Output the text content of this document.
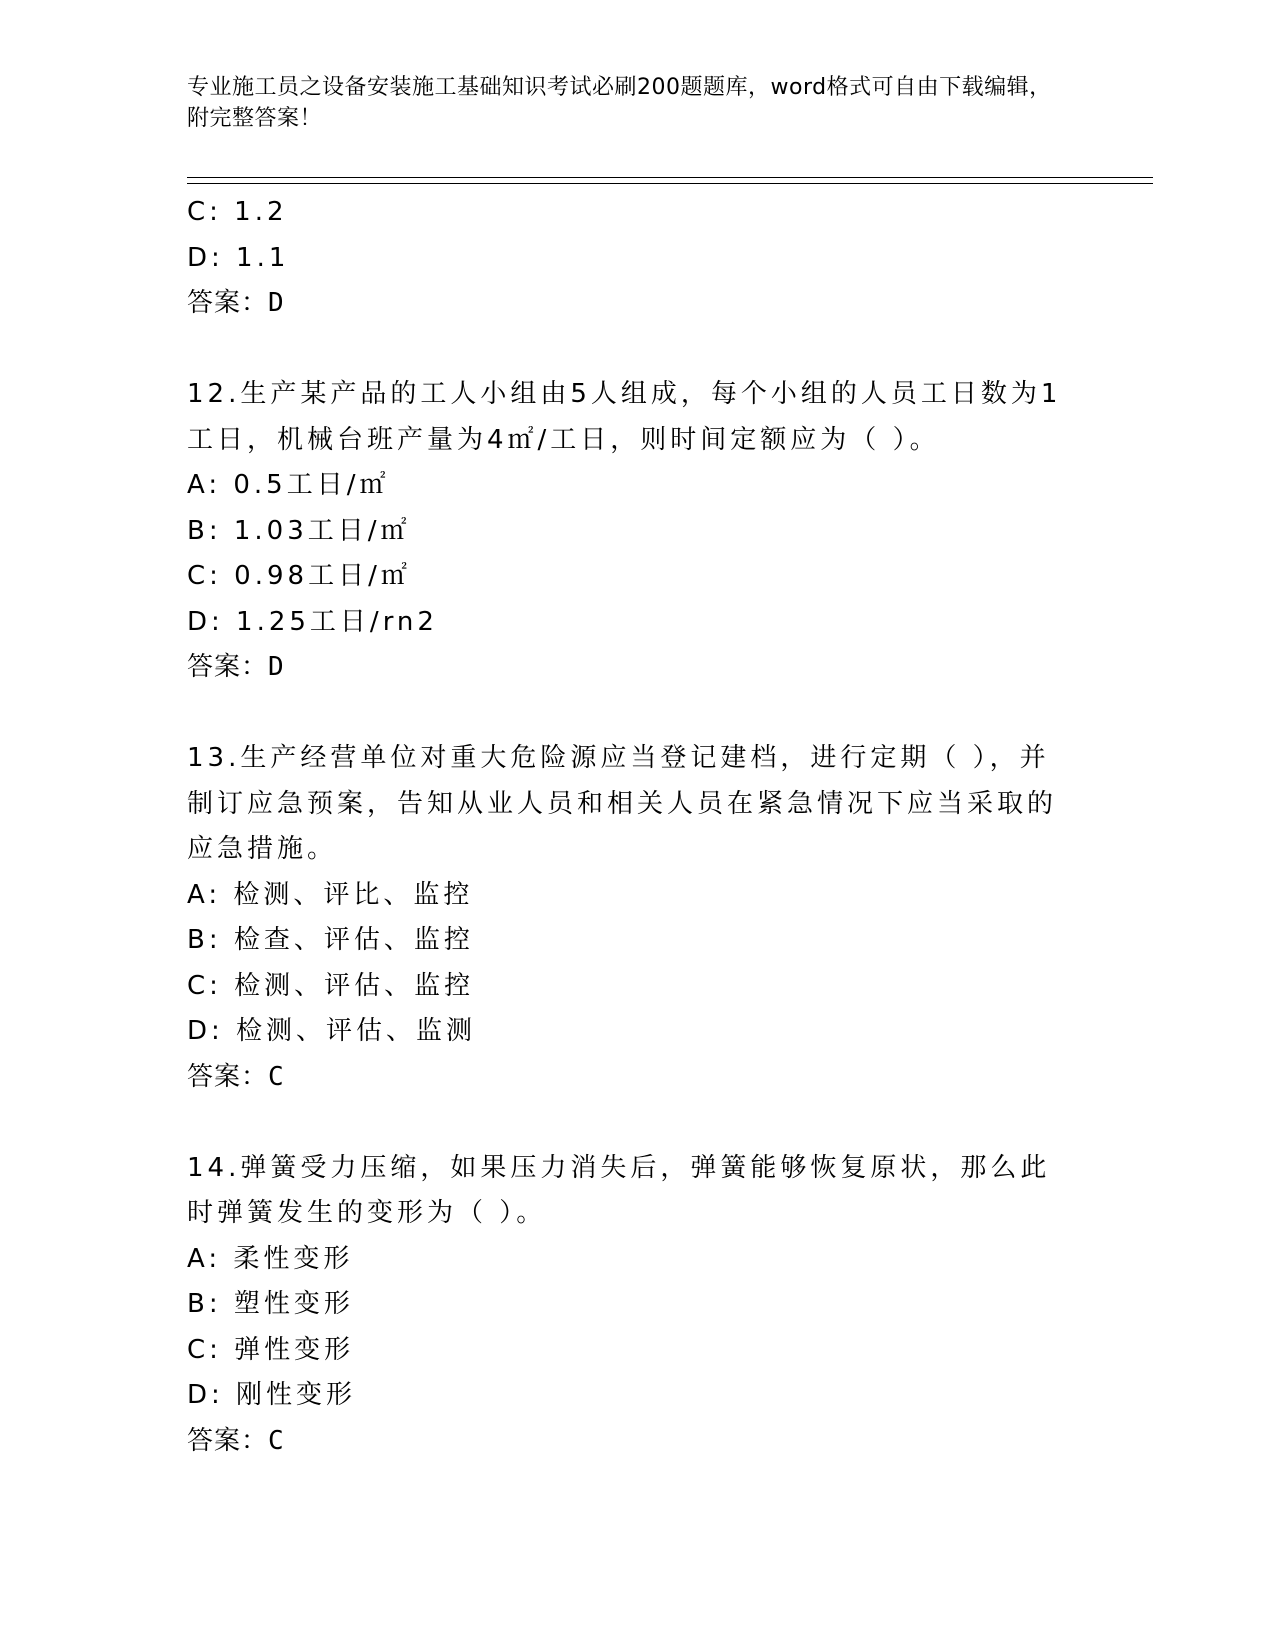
专业施工员之设备安装施工基础知识考试必刷200题题库，word格式可自由下载编辑，附完整答案！
C: 1.2
D: 1.1
答案：D
12.生产某产品的工人小组由5人组成，每个小组的人员工日数为1工日，机械台班产量为4㎡/工日，则时间定额应为（ ）。
A: 0.5工日/㎡
B: 1.03工日/㎡
C: 0.98工日/㎡
D: 1.25工日/rn2
答案：D
13.生产经营单位对重大危险源应当登记建档，进行定期（ ），并制订应急预案，告知从业人员和相关人员在紧急情况下应当采取的应急措施。
A: 检测、评比、监控
B: 检查、评估、监控
C: 检测、评估、监控
D: 检测、评估、监测
答案：C
14.弹簧受力压缩，如果压力消失后，弹簧能够恢复原状，那么此时弹簧发生的变形为（ ）。
A: 柔性变形
B: 塑性变形
C: 弹性变形
D: 刚性变形
答案：C
